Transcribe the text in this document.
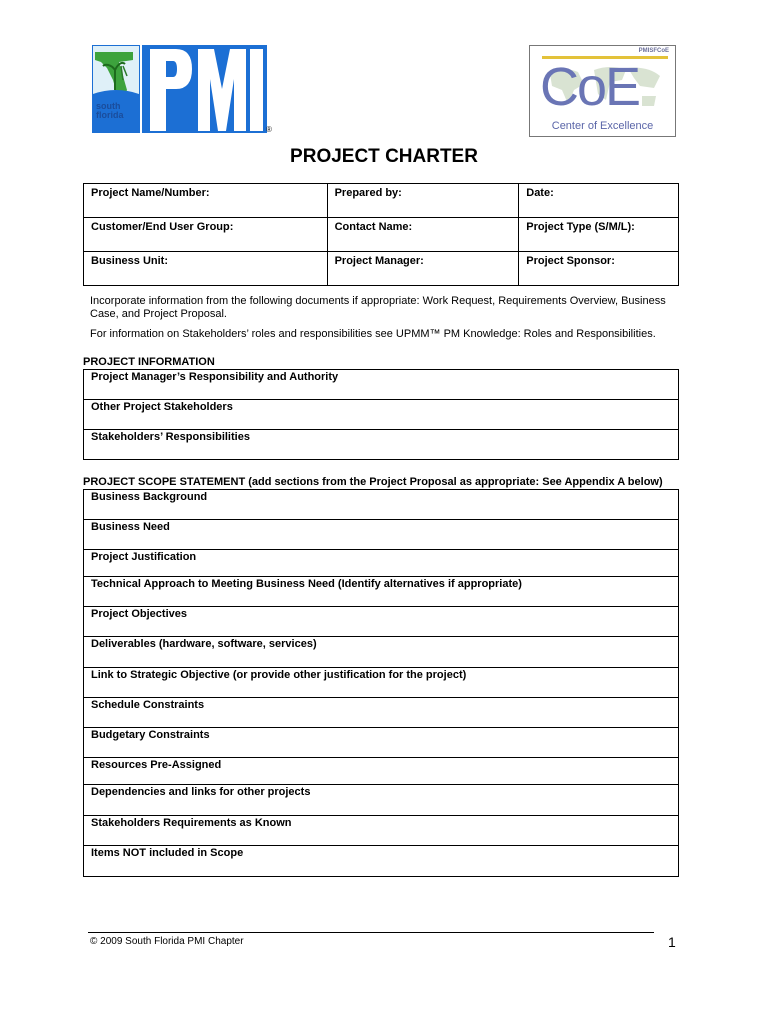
south
florida
®
PMISFCoE
CoE
Center of Excellence
PROJECT CHARTER
Project Name/Number:	Prepared by:	Date:
Customer/End User Group:	Contact Name:	Project Type (S/M/L):
Business Unit:	Project Manager:	Project Sponsor:
Incorporate information from the following documents if appropriate: Work Request, Requirements Overview, Business Case, and Project Proposal.
For information on Stakeholders’ roles and responsibilities see UPMM™ PM Knowledge: Roles and Responsibilities.
PROJECT INFORMATION
Project Manager’s Responsibility and Authority
Other Project Stakeholders
Stakeholders’ Responsibilities
PROJECT SCOPE STATEMENT (add sections from the Project Proposal as appropriate: See Appendix A below)
Business Background
Business Need
Project Justification
Technical Approach to Meeting Business Need (Identify alternatives if appropriate)
Project Objectives
Deliverables (hardware, software, services)
Link to Strategic Objective (or provide other justification for the project)
Schedule Constraints
Budgetary Constraints
Resources Pre-Assigned
Dependencies and links for other projects
Stakeholders Requirements as Known
Items NOT included in Scope
© 2009 South Florida PMI Chapter	1
